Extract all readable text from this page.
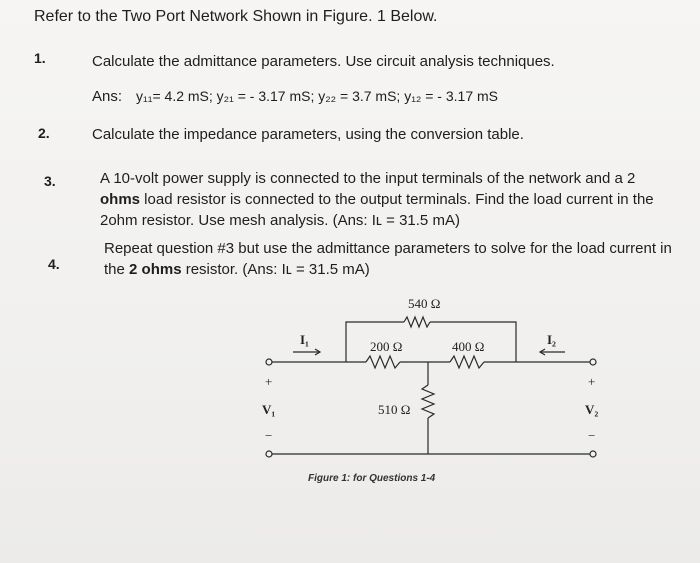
Refer to the Two Port Network Shown in Figure. 1 Below.
1.	Calculate the admittance parameters. Use circuit analysis techniques.
Ans: y₁₁= 4.2 mS; y₂₁ = - 3.17 mS; y₂₂ = 3.7 mS; y₁₂ = - 3.17 mS
2.	Calculate the impedance parameters, using the conversion table.
3.	A 10-volt power supply is connected to the input terminals of the network and a 2
ohms load resistor is connected to the output terminals. Find the load current in the
2ohm resistor. Use mesh analysis. (Ans: Iʟ = 31.5 mA)
4.
Repeat question #3 but use the admittance parameters to solve for the load current in
the 2 ohms resistor. (Ans: Iʟ = 31.5 mA)
540 Ω
200 Ω	400 Ω
510 Ω
I₁	I₂
+
V₁
−
+
V₂
−
Figure 1: for Questions 1-4
